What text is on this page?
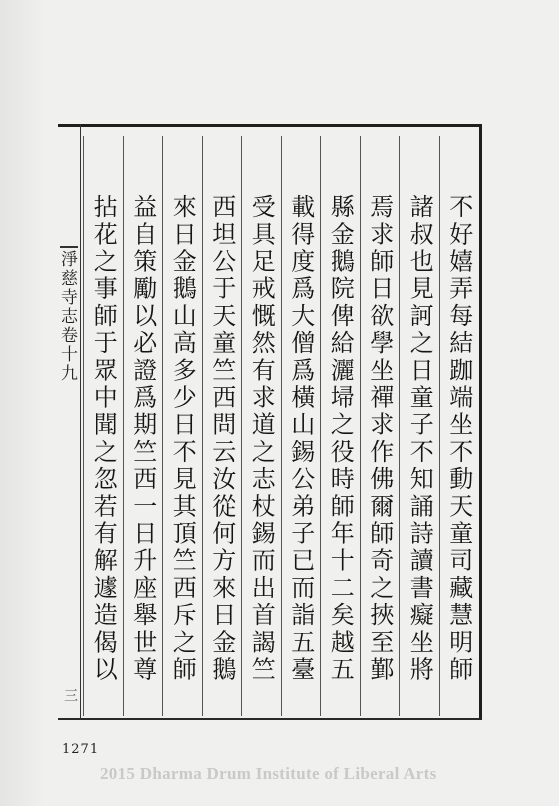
淨慈寺志卷十九
三
不好嬉弄每結跏端坐不動天童司藏慧明師
諸叔也見訶之日童子不知誦詩讀書癡坐將
焉求師日欲學坐禪求作佛爾師奇之挾至鄞
縣金鵝院俾給灑埽之役時師年十二矣越五
載得度爲大僧爲橫山錫公弟子已而詣五臺
受具足戒慨然有求道之志杖錫而出首謁竺
西坦公于天童竺西問云汝從何方來日金鵝
來日金鵝山高多少日不見其頂竺西斥之師
益自策勵以必證爲期竺西一日升座舉世尊
拈花之事師于眾中聞之忽若有解遽造偈以
1271
2015 Dharma Drum Institute of Liberal Arts
